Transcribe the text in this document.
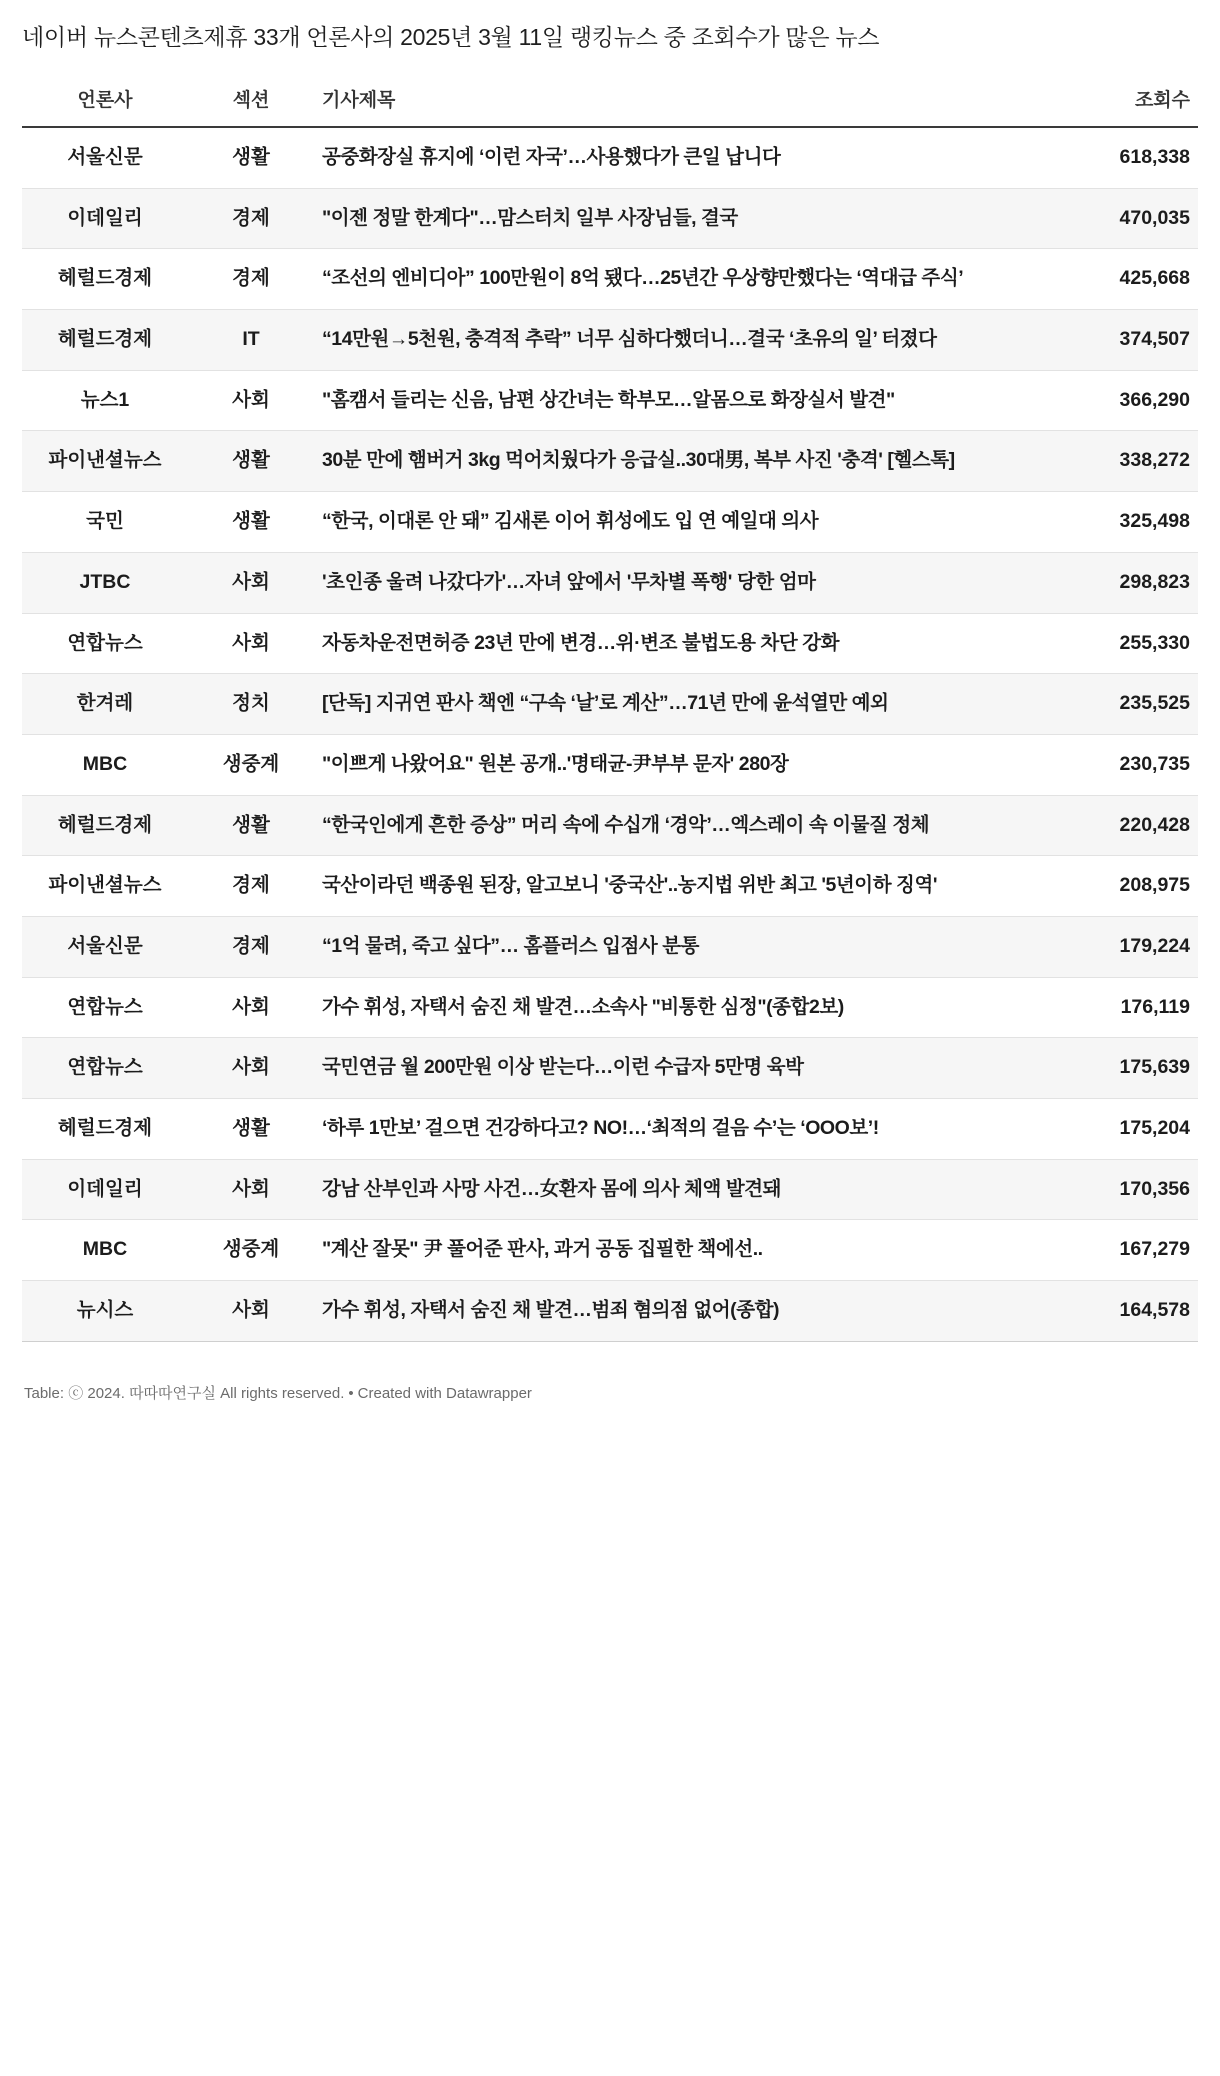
네이버 뉴스콘텐츠제휴 33개 언론사의 2025년 3월 11일 랭킹뉴스 중 조회수가 많은 뉴스
언론사	섹션	기사제목	조회수
서울신문	생활	공중화장실 휴지에 ‘이런 자국’…사용했다가 큰일 납니다	618,338
이데일리	경제	"이젠 정말 한계다"…맘스터치 일부 사장님들, 결국	470,035
헤럴드경제	경제	“조선의 엔비디아” 100만원이 8억 됐다…25년간 우상향만했다는 ‘역대급 주식’	425,668
헤럴드경제	IT	“14만원→5천원, 충격적 추락” 너무 심하다했더니…결국 ‘초유의 일’ 터졌다	374,507
뉴스1	사회	"홈캠서 들리는 신음, 남편 상간녀는 학부모…알몸으로 화장실서 발견"	366,290
파이낸셜뉴스	생활	30분 만에 햄버거 3kg 먹어치웠다가 응급실..30대男, 복부 사진 '충격' [헬스톡]	338,272
국민	생활	“한국, 이대론 안 돼” 김새론 이어 휘성에도 입 연 예일대 의사	325,498
JTBC	사회	'초인종 울려 나갔다가'…자녀 앞에서 '무차별 폭행' 당한 엄마	298,823
연합뉴스	사회	자동차운전면허증 23년 만에 변경…위·변조 불법도용 차단 강화	255,330
한겨레	정치	[단독] 지귀연 판사 책엔 “구속 ‘날’로 계산”…71년 만에 윤석열만 예외	235,525
MBC	생중계	"이쁘게 나왔어요" 원본 공개..'명태균-尹부부 문자' 280장	230,735
헤럴드경제	생활	“한국인에게 흔한 증상” 머리 속에 수십개 ‘경악’…엑스레이 속 이물질 정체	220,428
파이낸셜뉴스	경제	국산이라던 백종원 된장, 알고보니 '중국산'..농지법 위반 최고 '5년이하 징역'	208,975
서울신문	경제	“1억 물려, 죽고 싶다”… 홈플러스 입점사 분통	179,224
연합뉴스	사회	가수 휘성, 자택서 숨진 채 발견…소속사 "비통한 심정"(종합2보)	176,119
연합뉴스	사회	국민연금 월 200만원 이상 받는다…이런 수급자 5만명 육박	175,639
헤럴드경제	생활	‘하루 1만보’ 걸으면 건강하다고? NO!…‘최적의 걸음 수’는 ‘OOO보’!	175,204
이데일리	사회	강남 산부인과 사망 사건…女환자 몸에 의사 체액 발견돼	170,356
MBC	생중계	"계산 잘못" 尹 풀어준 판사, 과거 공동 집필한 책에선..	167,279
뉴시스	사회	가수 휘성, 자택서 숨진 채 발견…범죄 혐의점 없어(종합)	164,578
Table: ⓒ 2024. 따따따연구실 All rights reserved. • Created with Datawrapper
